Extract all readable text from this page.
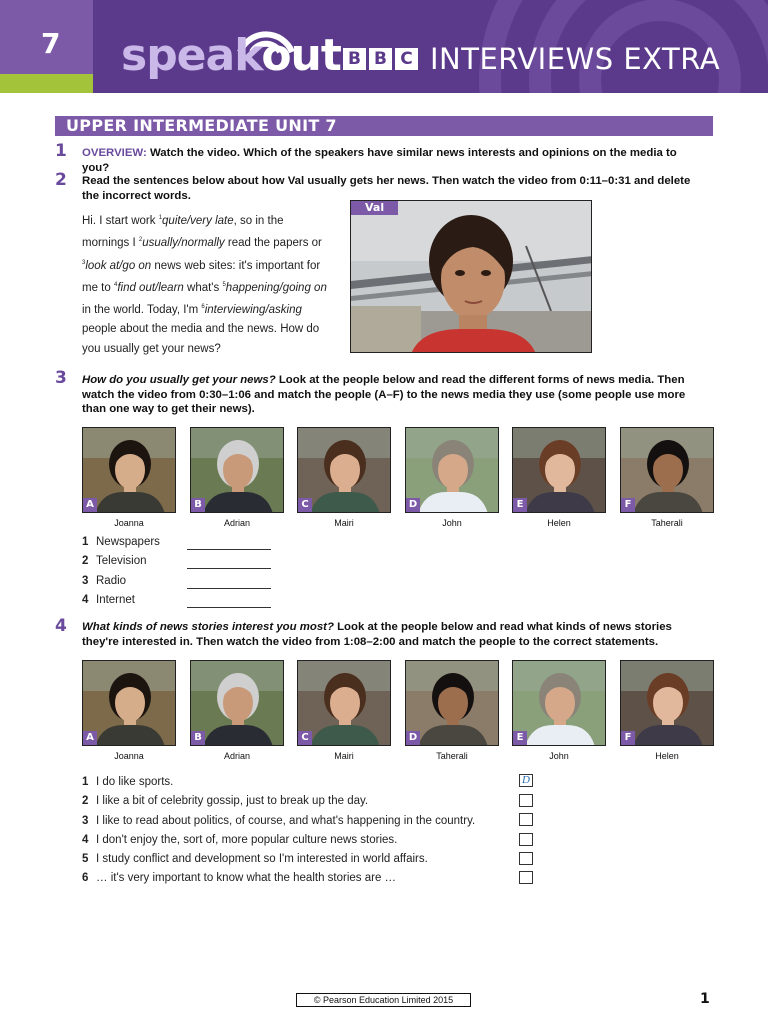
7	speakout B B C INTERVIEWS EXTRA
UPPER INTERMEDIATE UNIT 7
1 OVERVIEW: Watch the video. Which of the speakers have similar news interests and opinions on the media to you?
2 Read the sentences below about how Val usually gets her news. Then watch the video from 0:11–0:31 and delete the incorrect words.
Hi. I start work $^1$quite/very late, so in the mornings I $^2$usually/normally read the papers or $^3$look at/go on news web sites: it's important for me to $^4$find out/learn what's $^5$happening/going on in the world. Today, I'm $^6$interviewing/asking people about the media and the news. How do you usually get your news?
Val
3 How do you usually get your news? Look at the people below and read the different forms of news media. Then watch the video from 0:30–1:06 and match the people (A–F) to the news media they use (some people use more than one way to get their news).
A
Joanna
B
Adrian
C
Mairi
D
John
E
Helen
F
Taherali
1 Newspapers
2 Television
3 Radio
4 Internet
4 What kinds of news stories interest you most? Look at the people below and read what kinds of news stories they're interested in. Then watch the video from 1:08–2:00 and match the people to the correct statements.
A
Joanna
B
Adrian
C
Mairi
D
Taherali
E
John
F
Helen
1 I do like sports.
2 I like a bit of celebrity gossip, just to break up the day.
3 I like to read about politics, of course, and what's happening in the country.
4 I don't enjoy the, sort of, more popular culture news stories.
5 I study conflict and development so I'm interested in world affairs.
6 … it's very important to know what the health stories are …
D
© Pearson Education Limited 2015	1
